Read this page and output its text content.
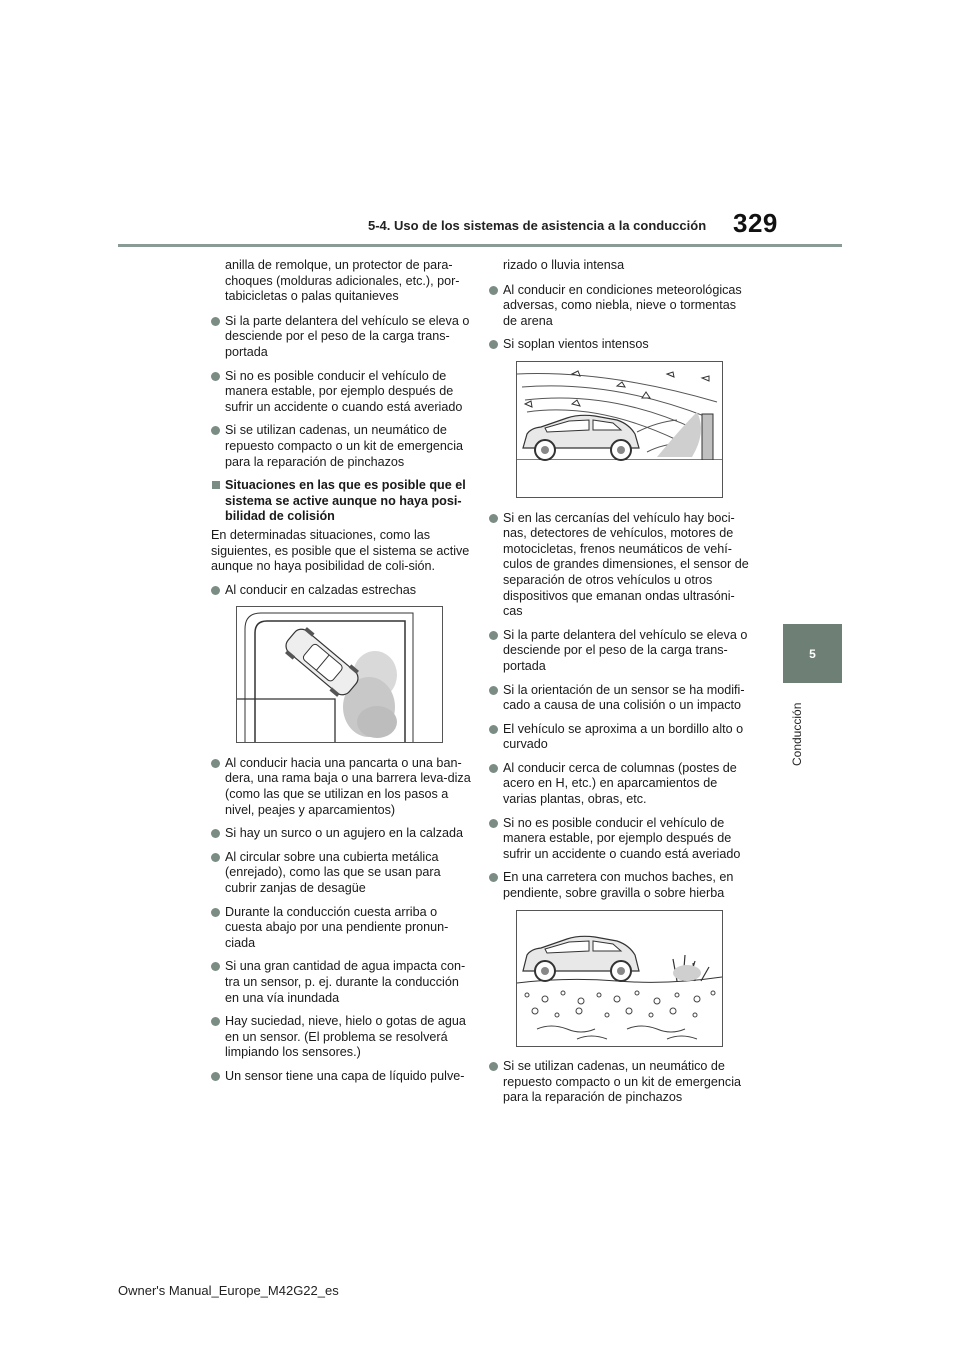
5-4. Uso de los sistemas de asistencia a la conducción 329
5
Conducción

anilla de remolque, un protector de para-choques (molduras adicionales, etc.), por-tabicicletas o palas quitanieves

Si la parte delantera del vehículo se eleva o desciende por el peso de la carga trans-portada
Si no es posible conducir el vehículo de manera estable, por ejemplo después de sufrir un accidente o cuando está averiado
Si se utilizan cadenas, un neumático de repuesto compacto o un kit de emergencia para la reparación de pinchazos
Situaciones en las que es posible que el sistema se active aunque no haya posi-bilidad de colisión

En determinadas situaciones, como las siguientes, es posible que el sistema se active aunque no haya posibilidad de coli-sión.

Al conducir en calzadas estrechas
Al conducir hacia una pancarta o una ban-dera, una rama baja o una barrera leva-diza (como las que se utilizan en los pasos a nivel, peajes y aparcamientos)
Si hay un surco o un agujero en la calzada
Al circular sobre una cubierta metálica (enrejado), como las que se usan para cubrir zanjas de desagüe
Durante la conducción cuesta arriba o cuesta abajo por una pendiente pronun-ciada
Si una gran cantidad de agua impacta con-tra un sensor, p. ej. durante la conducción en una vía inundada
Hay suciedad, nieve, hielo o gotas de agua en un sensor. (El problema se resolverá limpiando los sensores.)
Un sensor tiene una capa de líquido pulve-

rizado o lluvia intensa

Al conducir en condiciones meteorológicas adversas, como niebla, nieve o tormentas de arena
Si soplan vientos intensos
Si en las cercanías del vehículo hay boci-nas, detectores de vehículos, motores de motocicletas, frenos neumáticos de vehí-culos de grandes dimensiones, el sensor de separación de otros vehículos u otros dispositivos que emanan ondas ultrasóni-cas
Si la parte delantera del vehículo se eleva o desciende por el peso de la carga trans-portada
Si la orientación de un sensor se ha modifi-cado a causa de una colisión o un impacto
El vehículo se aproxima a un bordillo alto o curvado
Al conducir cerca de columnas (postes de acero en H, etc.) en aparcamientos de varias plantas, obras, etc.
Si no es posible conducir el vehículo de manera estable, por ejemplo después de sufrir un accidente o cuando está averiado
En una carretera con muchos baches, en pendiente, sobre gravilla o sobre hierba
Si se utilizan cadenas, un neumático de repuesto compacto o un kit de emergencia para la reparación de pinchazos
Owner's Manual_Europe_M42G22_es
